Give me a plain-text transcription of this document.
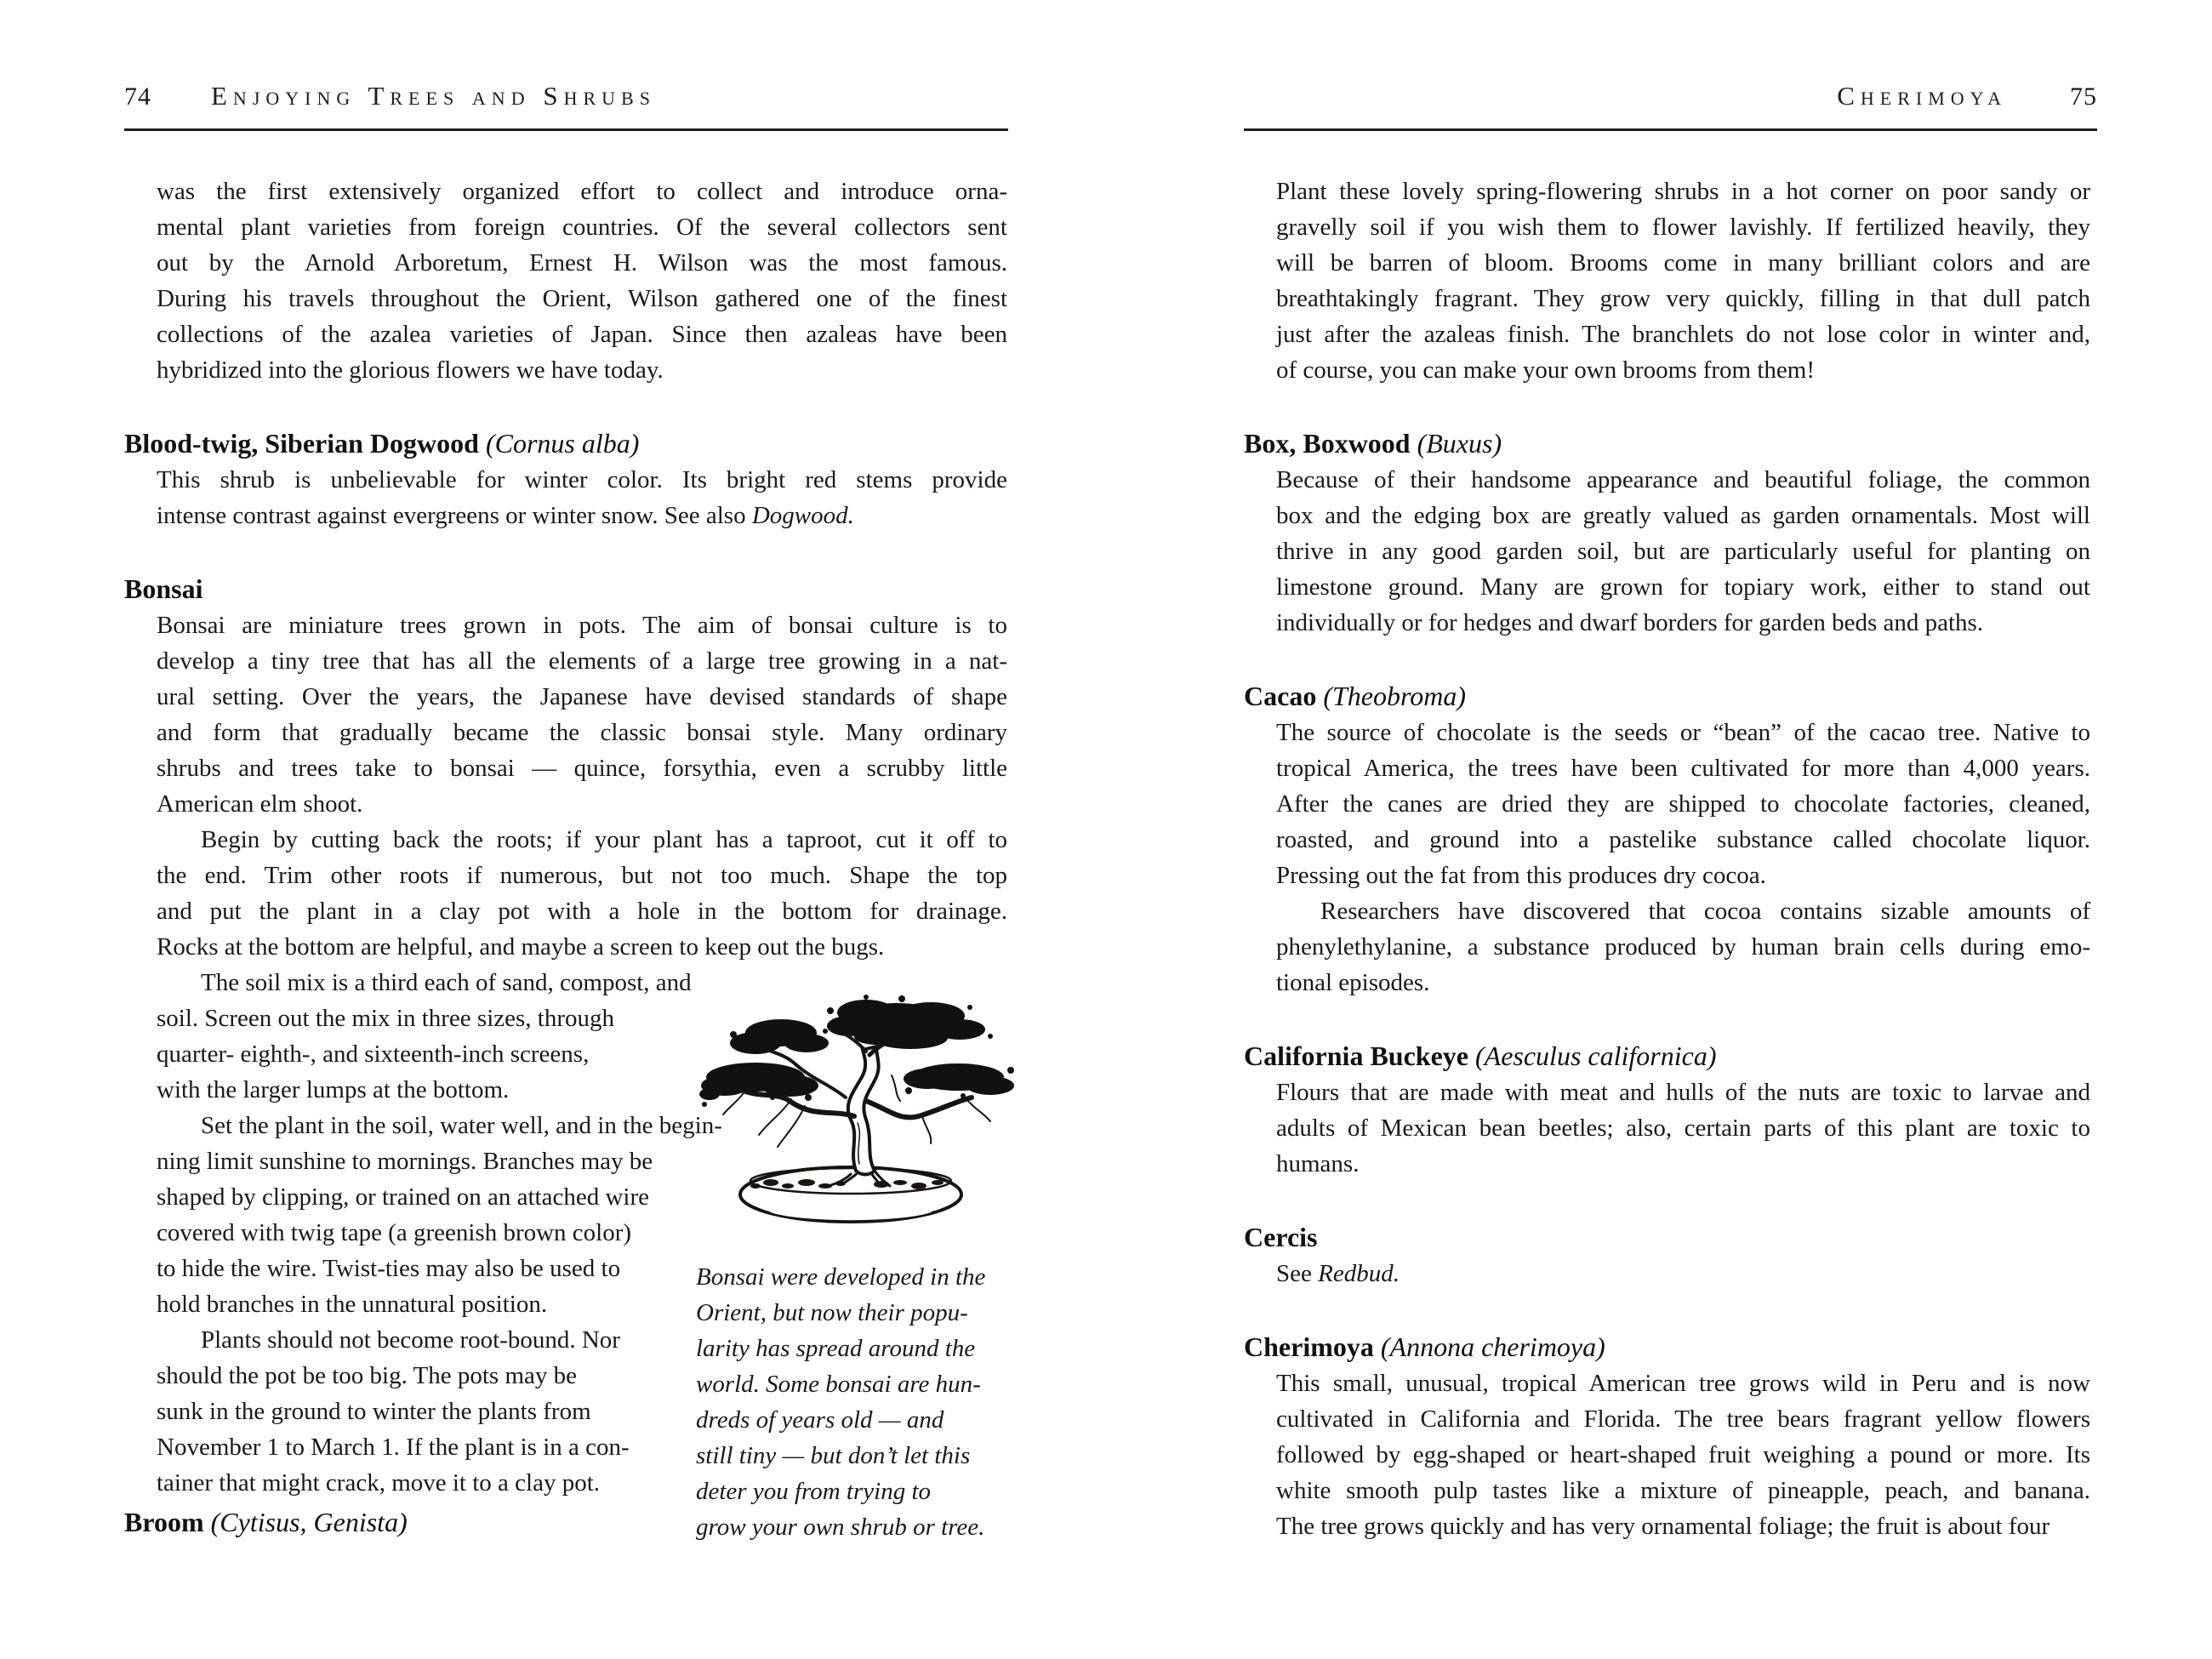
74 Enjoying Trees and Shrubs
was the first extensively organized effort to collect and introduce orna-
mental plant varieties from foreign countries. Of the several collectors sent
out by the Arnold Arboretum, Ernest H. Wilson was the most famous.
During his travels throughout the Orient, Wilson gathered one of the finest
collections of the azalea varieties of Japan. Since then azaleas have been
hybridized into the glorious flowers we have today.
Blood-twig, Siberian Dogwood (Cornus alba)
This shrub is unbelievable for winter color. Its bright red stems provide
intense contrast against evergreens or winter snow. See also Dogwood.
Bonsai
Bonsai are miniature trees grown in pots. The aim of bonsai culture is to
develop a tiny tree that has all the elements of a large tree growing in a nat-
ural setting. Over the years, the Japanese have devised standards of shape
and form that gradually became the classic bonsai style. Many ordinary
shrubs and trees take to bonsai — quince, forsythia, even a scrubby little
American elm shoot.
Begin by cutting back the roots; if your plant has a taproot, cut it off to
the end. Trim other roots if numerous, but not too much. Shape the top
and put the plant in a clay pot with a hole in the bottom for drainage.
Rocks at the bottom are helpful, and maybe a screen to keep out the bugs.
The soil mix is a third each of sand, compost, and
soil. Screen out the mix in three sizes, through
quarter- eighth-, and sixteenth-inch screens,
with the larger lumps at the bottom.
Set the plant in the soil, water well, and in the begin-
ning limit sunshine to mornings. Branches may be
shaped by clipping, or trained on an attached wire
covered with twig tape (a greenish brown color)
to hide the wire. Twist-ties may also be used to
hold branches in the unnatural position.
Plants should not become root-bound. Nor
should the pot be too big. The pots may be
sunk in the ground to winter the plants from
November 1 to March 1. If the plant is in a con-
tainer that might crack, move it to a clay pot.
Broom (Cytisus, Genista)
Bonsai were developed in the
Orient, but now their popu-
larity has spread around the
world. Some bonsai are hun-
dreds of years old — and
still tiny — but don’t let this
deter you from trying to
grow your own shrub or tree.
Cherimoya 75
Plant these lovely spring-flowering shrubs in a hot corner on poor sandy or
gravelly soil if you wish them to flower lavishly. If fertilized heavily, they
will be barren of bloom. Brooms come in many brilliant colors and are
breathtakingly fragrant. They grow very quickly, filling in that dull patch
just after the azaleas finish. The branchlets do not lose color in winter and,
of course, you can make your own brooms from them!
Box, Boxwood (Buxus)
Because of their handsome appearance and beautiful foliage, the common
box and the edging box are greatly valued as garden ornamentals. Most will
thrive in any good garden soil, but are particularly useful for planting on
limestone ground. Many are grown for topiary work, either to stand out
individually or for hedges and dwarf borders for garden beds and paths.
Cacao (Theobroma)
The source of chocolate is the seeds or “bean” of the cacao tree. Native to
tropical America, the trees have been cultivated for more than 4,000 years.
After the canes are dried they are shipped to chocolate factories, cleaned,
roasted, and ground into a pastelike substance called chocolate liquor.
Pressing out the fat from this produces dry cocoa.
Researchers have discovered that cocoa contains sizable amounts of
phenylethylanine, a substance produced by human brain cells during emo-
tional episodes.
California Buckeye (Aesculus californica)
Flours that are made with meat and hulls of the nuts are toxic to larvae and
adults of Mexican bean beetles; also, certain parts of this plant are toxic to
humans.
Cercis
See Redbud.
Cherimoya (Annona cherimoya)
This small, unusual, tropical American tree grows wild in Peru and is now
cultivated in California and Florida. The tree bears fragrant yellow flowers
followed by egg-shaped or heart-shaped fruit weighing a pound or more. Its
white smooth pulp tastes like a mixture of pineapple, peach, and banana.
The tree grows quickly and has very ornamental foliage; the fruit is about four
